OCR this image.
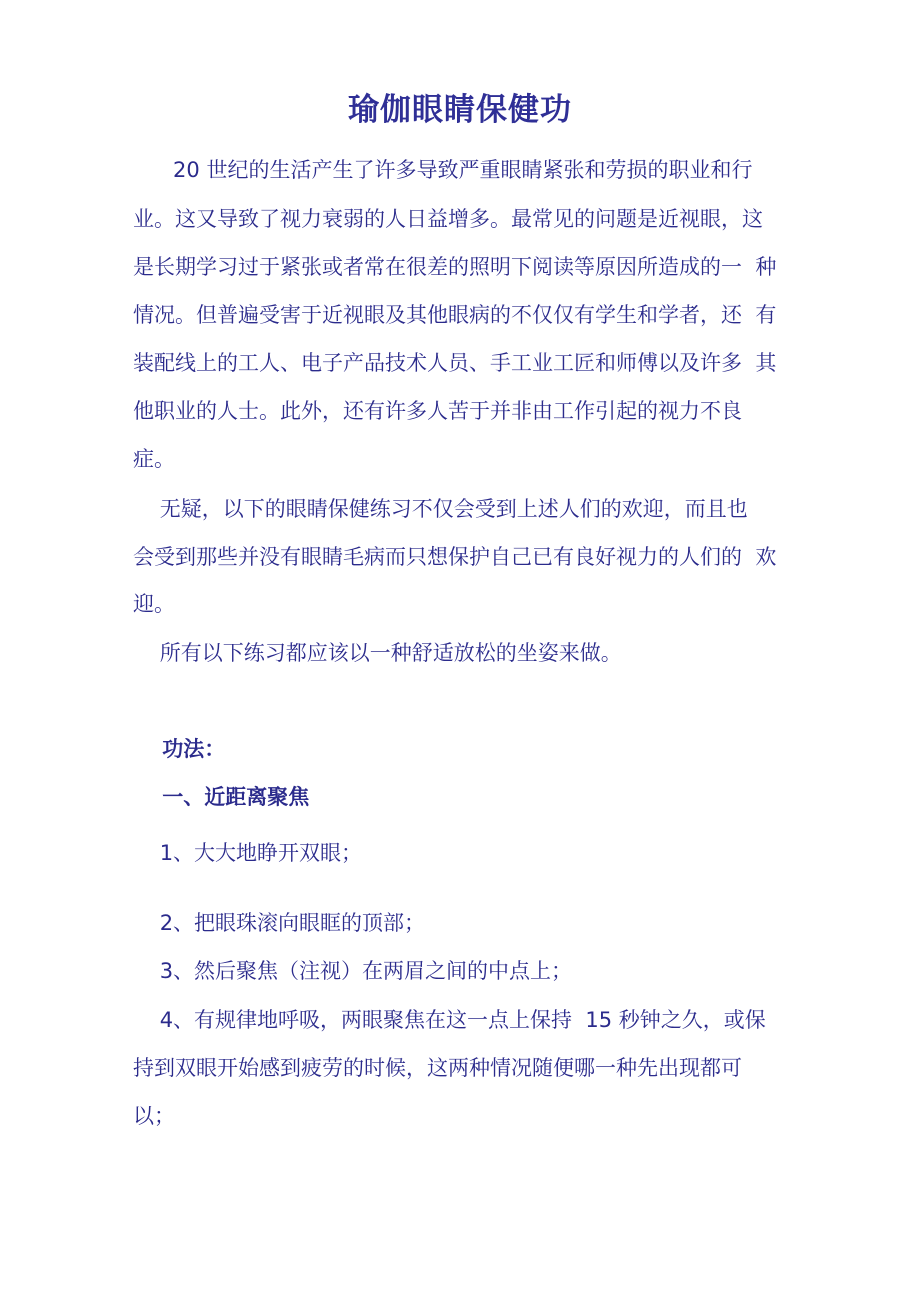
瑜伽眼睛保健功
20 世纪的生活产生了许多导致严重眼睛紧张和劳损的职业和行
业。这又导致了视力衰弱的人日益增多。最常见的问题是近视眼，这
是长期学习过于紧张或者常在很差的照明下阅读等原因所造成的一  种
情况。但普遍受害于近视眼及其他眼病的不仅仅有学生和学者，还  有
装配线上的工人、电子产品技术人员、手工业工匠和师傅以及许多  其
他职业的人士。此外，还有许多人苦于并非由工作引起的视力不良
症。
无疑，以下的眼睛保健练习不仅会受到上述人们的欢迎，而且也
会受到那些并没有眼睛毛病而只想保护自己已有良好视力的人们的  欢
迎。
所有以下练习都应该以一种舒适放松的坐姿来做。
功法：
一、近距离聚焦
1、大大地睁开双眼；
2、把眼珠滚向眼眶的顶部；
3、然后聚焦（注视）在两眉之间的中点上；
4、有规律地呼吸，两眼聚焦在这一点上保持  15 秒钟之久，或保
持到双眼开始感到疲劳的时候，这两种情况随便哪一种先出现都可
以；
